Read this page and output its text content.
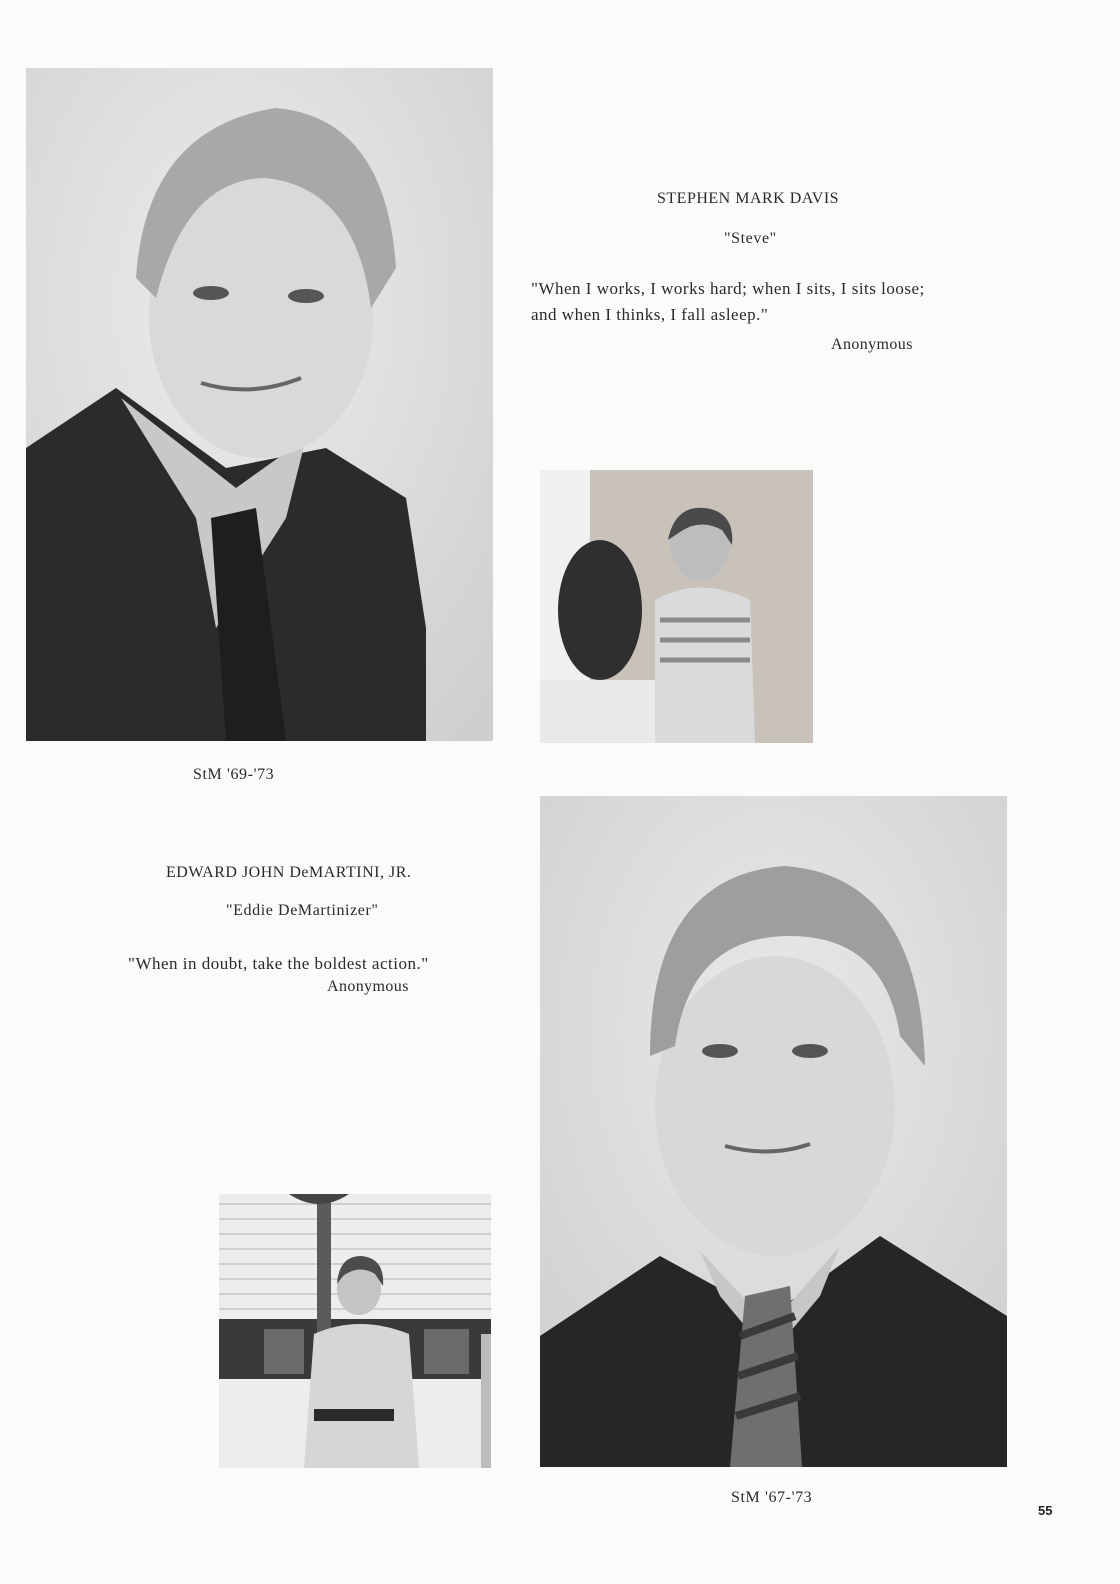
STEPHEN MARK DAVIS
"Steve"
"When I works, I works hard; when I sits, I sits loose;
and when I thinks, I fall asleep."
Anonymous
StM '69-'73
EDWARD JOHN DeMARTINI, JR.
"Eddie DeMartinizer"
"When in doubt, take the boldest action."
Anonymous
StM '67-'73
55
